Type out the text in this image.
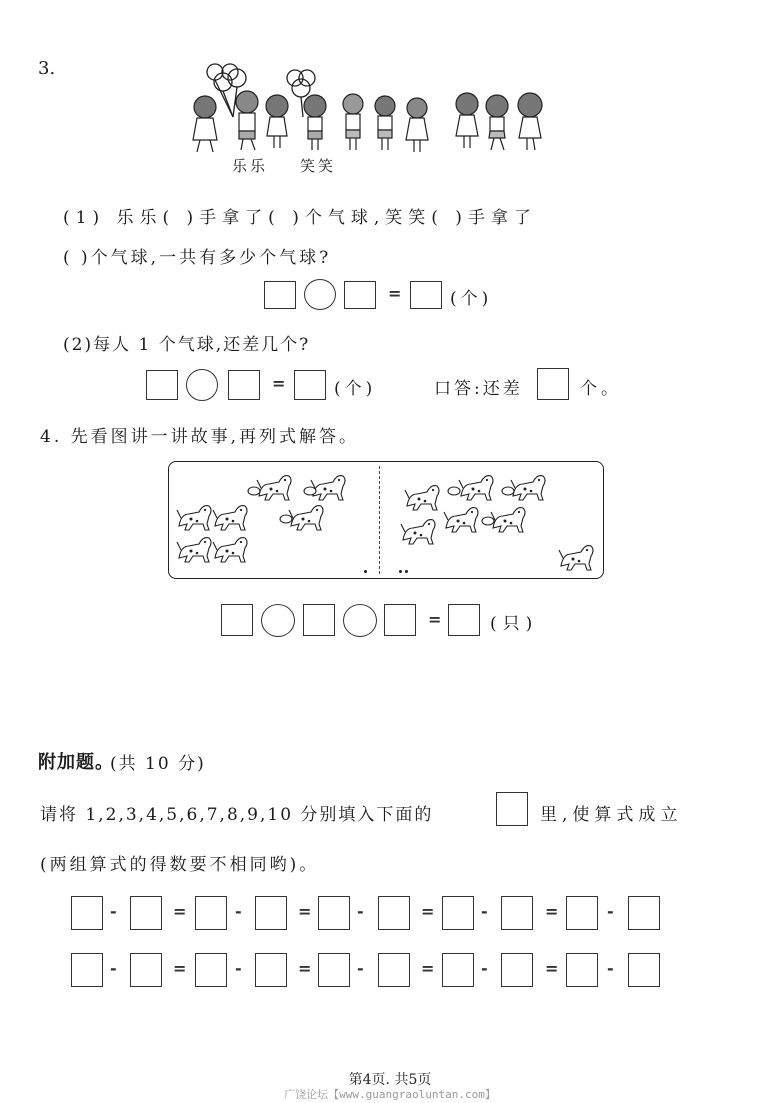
3.
乐乐 笑笑
(1) 乐乐( )手拿了( )个气球,笑笑( )手拿了
( )个气球,一共有多少个气球?
=	(个)
(2)每人 1 个气球,还差几个?
=	(个)	口答:还差	个。
4. 先看图讲一讲故事,再列式解答。
=	(只)
附加题。
(共 10 分)
请将 1,2,3,4,5,6,7,8,9,10 分别填入下面的	里,使算式成立
(两组算式的得数要不相同哟)。
-	=	-	=	-	=	-	=	-
-	=	-	=	-	=	-	=	-
第4页. 共5页
广饶论坛【www.guangraoluntan.com】
